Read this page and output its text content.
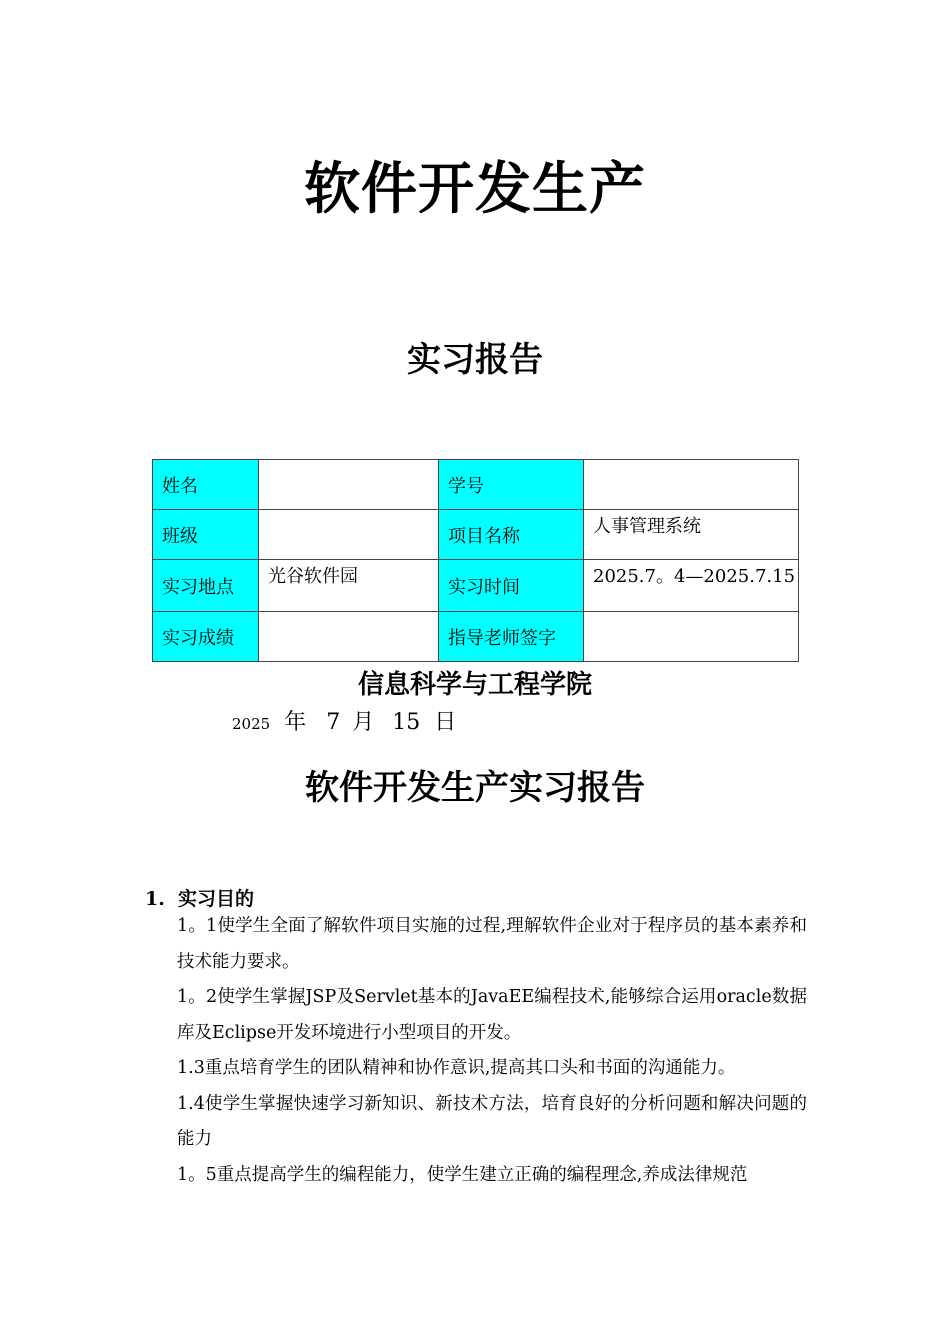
软件开发生产
实习报告
姓名		学号	
班级		项目名称	人事管理系统
实习地点	光谷软件园	实习时间	2025.7。4—2025.7.15
实习成绩		指导老师签字	
信息科学与工程学院
2025 年 7 月 15 日
软件开发生产实习报告
1. 实习目的

1。1使学生全面了解软件项目实施的过程,理解软件企业对于程序员的基本素养和技术能力要求。

1。2使学生掌握JSP及Servlet基本的JavaEE编程技术,能够综合运用oracle数据库及Eclipse开发环境进行小型项目的开发。

1.3重点培育学生的团队精神和协作意识,提高其口头和书面的沟通能力。

1.4使学生掌握快速学习新知识、新技术方法，培育良好的分析问题和解决问题的能力

1。5重点提高学生的编程能力，使学生建立正确的编程理念,养成法律规范
